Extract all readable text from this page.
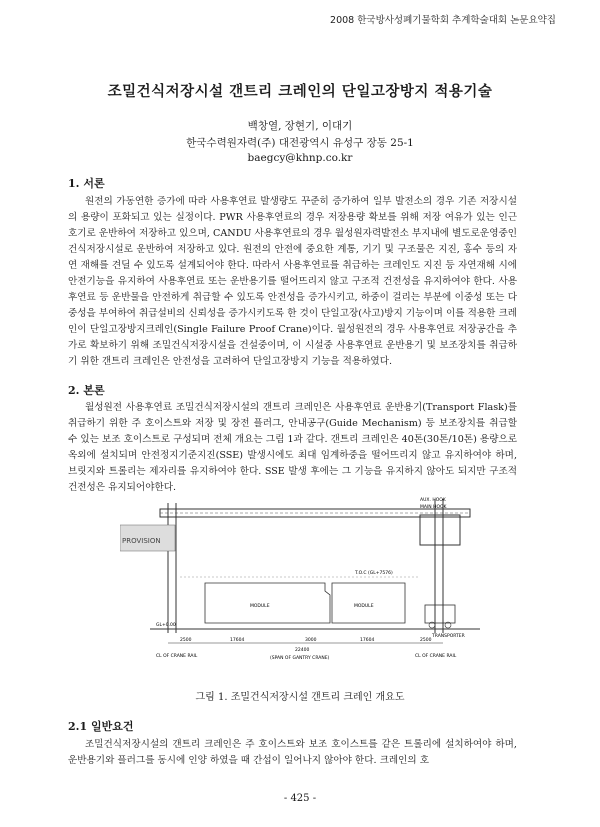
2008 한국방사성폐기물학회 추계학술대회 논문요약집
조밀건식저장시설 갠트리 크레인의 단일고장방지 적용기술
백창열, 장현기, 이대기
한국수력원자력(주) 대전광역시 유성구 장동 25-1
baegcy@khnp.co.kr
1. 서론
원전의 가동연한 증가에 따라 사용후연료 발생량도 꾸준히 증가하여 일부 발전소의 경우 기존 저장시설의 용량이 포화되고 있는 실정이다. PWR 사용후연료의 경우 저장용량 확보를 위해 저장 여유가 있는 인근 호기로 운반하여 저장하고 있으며, CANDU 사용후연료의 경우 월성원자력발전소 부지내에 별도로운영중인 건식저장시설로 운반하여 저장하고 있다. 원전의 안전에 중요한 계통, 기기 및 구조물은 지진, 홍수 등의 자연 재해를 견딜 수 있도록 설계되어야 한다. 따라서 사용후연료를 취급하는 크레인도 지진 등 자연재해 시에 안전기능을 유지하여 사용후연료 또는 운반용기를 떨어뜨리지 않고 구조적 건전성을 유지하여야 한다. 사용후연료 등 운반물을 안전하게 취급할 수 있도록 안전성을 증가시키고, 하중이 걸리는 부분에 이중성 또는 다중성을 부여하여 취급설비의 신뢰성을 증가시키도록 한 것이 단일고장(사고)방지 기능이며 이를 적용한 크레인이 단일고장방지크레인(Single Failure Proof Crane)이다. 월성원전의 경우 사용후연료 저장공간을 추가로 확보하기 위해 조밀건식저장시설을 건설중이며, 이 시설중 사용후연료 운반용기 및 보조장치를 취급하기 위한 갠트리 크레인은 안전성을 고려하여 단일고장방지 기능을 적용하였다.
2. 본론
월성원전 사용후연료 조밀건식저장시설의 갠트리 크레인은 사용후연료 운반용기(Transport Flask)를 취급하기 위한 주 호이스트와 저장 및 장전 플러그, 안내공구(Guide Mechanism) 등 보조장치를 취급할 수 있는 보조 호이스트로 구성되며 전체 개요는 그림 1과 같다. 갠트리 크레인은 40톤(30톤/10톤) 용량으로 옥외에 설치되며 안전정지기준지진(SSE) 발생시에도 최대 임계하중을 떨어뜨리지 않고 유지하여야 하며, 브릿지와 트롤리는 제자리를 유지하여야 한다. SSE 발생 후에는 그 기능을 유지하지 않아도 되지만 구조적 건전성은 유지되어야한다.
PROVISION
AUX. HOOK
MAIN HOOK
T.O.C (GL+7576)
MODULE	MODULE
TRANSPORTER
GL+0.00
2500	17604	3000	17604	2500
22400
(SPAN OF GANTRY CRANE)
CL OF CRANE RAIL	CL OF CRANE RAIL
그림 1. 조밀건식저장시설 갠트리 크레인 개요도
2.1 일반요건
조밀건식저장시설의 갠트리 크레인은 주 호이스트와 보조 호이스트를 같은 트롤리에 설치하여야 하며, 운반용기와 플러그를 동시에 인양 하였을 때 간섭이 일어나지 않아야 한다. 크레인의 호
- 425 -
